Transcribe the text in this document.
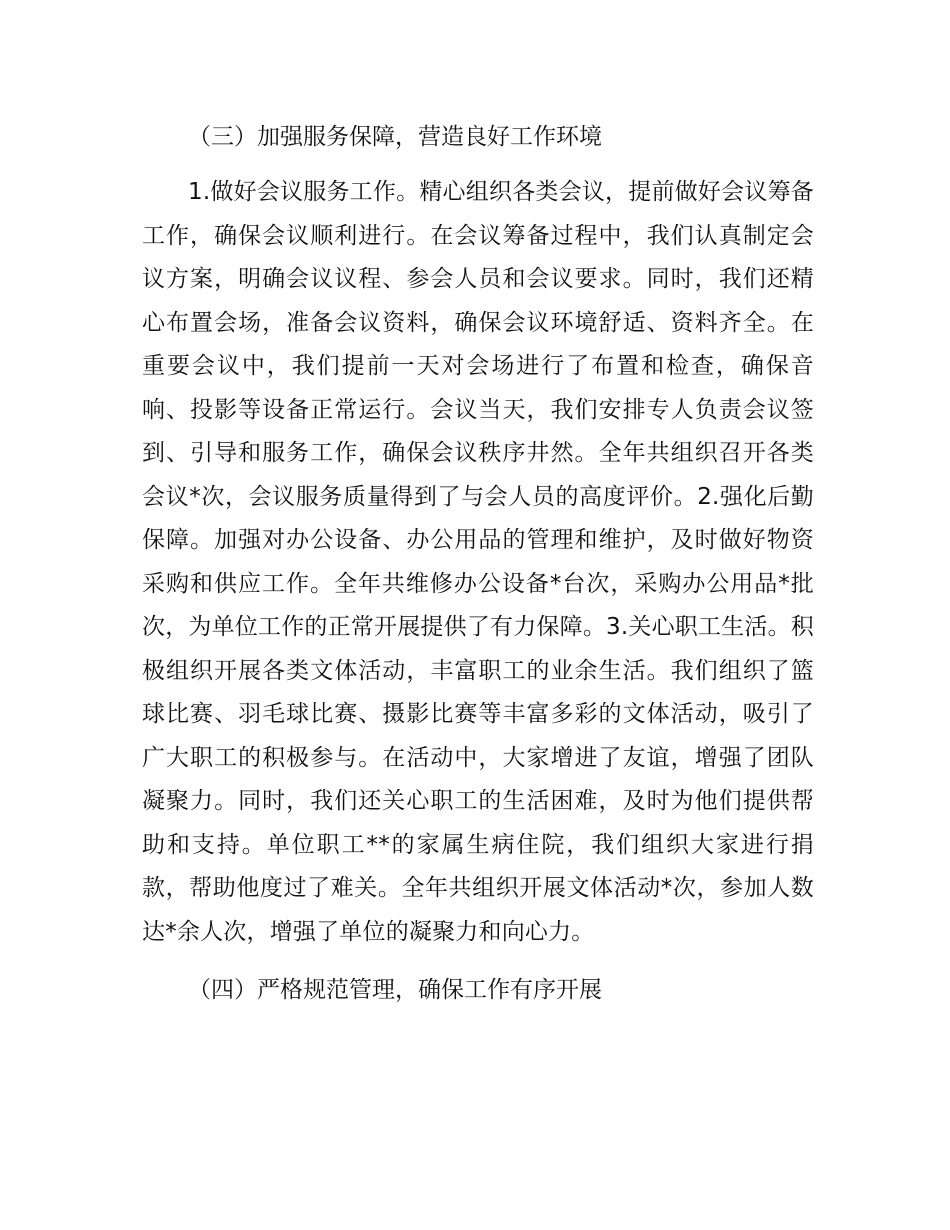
（三）加强服务保障，营造良好工作环境

1.做好会议服务工作。精心组织各类会议，提前做好会议筹备工作，确保会议顺利进行。在会议筹备过程中，我们认真制定会议方案，明确会议议程、参会人员和会议要求。同时，我们还精心布置会场，准备会议资料，确保会议环境舒适、资料齐全。在重要会议中，我们提前一天对会场进行了布置和检查，确保音响、投影等设备正常运行。会议当天，我们安排专人负责会议签到、引导和服务工作，确保会议秩序井然。全年共组织召开各类会议*次，会议服务质量得到了与会人员的高度评价。2.强化后勤保障。加强对办公设备、办公用品的管理和维护，及时做好物资采购和供应工作。全年共维修办公设备*台次，采购办公用品*批次，为单位工作的正常开展提供了有力保障。3.关心职工生活。积极组织开展各类文体活动，丰富职工的业余生活。我们组织了篮球比赛、羽毛球比赛、摄影比赛等丰富多彩的文体活动，吸引了广大职工的积极参与。在活动中，大家增进了友谊，增强了团队凝聚力。同时，我们还关心职工的生活困难，及时为他们提供帮助和支持。单位职工**的家属生病住院，我们组织大家进行捐款，帮助他度过了难关。全年共组织开展文体活动*次，参加人数达*余人次，增强了单位的凝聚力和向心力。

（四）严格规范管理，确保工作有序开展
